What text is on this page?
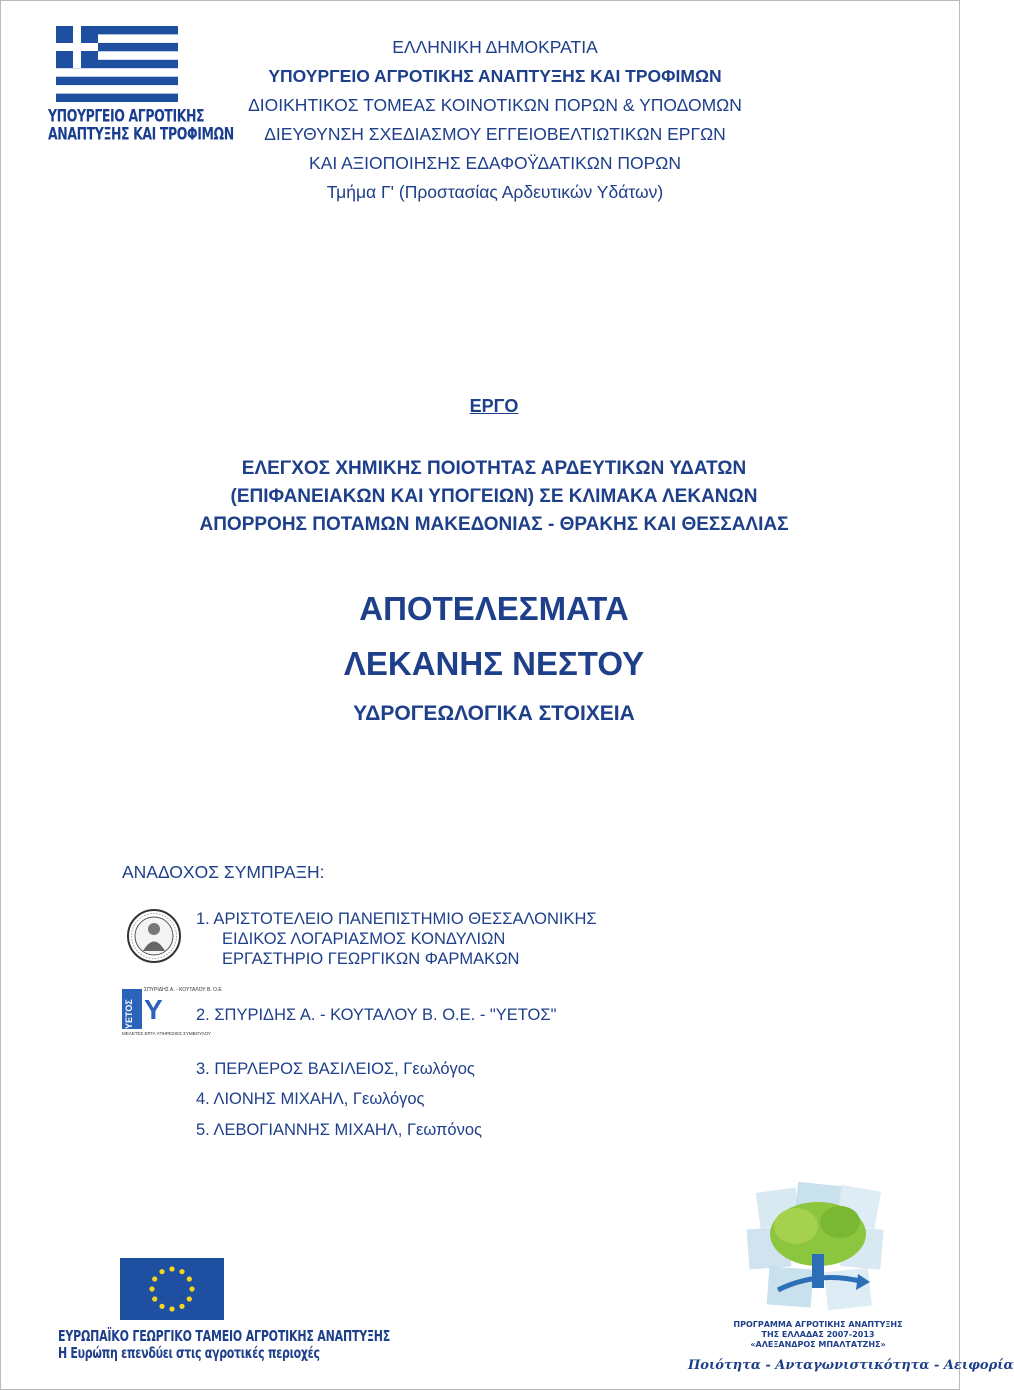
ΥΠΟΥΡΓΕΙΟ ΑΓΡΟΤΙΚΗΣ
ΑΝΑΠΤΥΞΗΣ ΚΑΙ ΤΡΟΦΙΜΩΝ
ΕΛΛΗΝΙΚΗ ΔΗΜΟΚΡΑΤΙΑ
ΥΠΟΥΡΓΕΙΟ ΑΓΡΟΤΙΚΗΣ ΑΝΑΠΤΥΞΗΣ ΚΑΙ ΤΡΟΦΙΜΩΝ
ΔΙΟΙΚΗΤΙΚΟΣ ΤΟΜΕΑΣ ΚΟΙΝΟΤΙΚΩΝ ΠΟΡΩΝ & ΥΠΟΔΟΜΩΝ
ΔΙΕΥΘΥΝΣΗ ΣΧΕΔΙΑΣΜΟΥ ΕΓΓΕΙΟΒΕΛΤΙΩΤΙΚΩΝ ΕΡΓΩΝ
ΚΑΙ ΑΞΙΟΠΟΙΗΣΗΣ ΕΔΑΦΟΫΔΑΤΙΚΩΝ ΠΟΡΩΝ
Τμήμα Γ' (Προστασίας Αρδευτικών Υδάτων)
ΕΡΓΟ
ΕΛΕΓΧΟΣ ΧΗΜΙΚΗΣ ΠΟΙΟΤΗΤΑΣ ΑΡΔΕΥΤΙΚΩΝ ΥΔΑΤΩΝ
(ΕΠΙΦΑΝΕΙΑΚΩΝ ΚΑΙ ΥΠΟΓΕΙΩΝ) ΣΕ ΚΛΙΜΑΚΑ ΛΕΚΑΝΩΝ
ΑΠΟΡΡΟΗΣ ΠΟΤΑΜΩΝ ΜΑΚΕΔΟΝΙΑΣ - ΘΡΑΚΗΣ ΚΑΙ ΘΕΣΣΑΛΙΑΣ
ΑΠΟΤΕΛΕΣΜΑΤΑ
ΛΕΚΑΝΗΣ ΝΕΣΤΟΥ
ΥΔΡΟΓΕΩΛΟΓΙΚΑ ΣΤΟΙΧΕΙΑ
ΑΝΑΔΟΧΟΣ ΣΥΜΠΡΑΞΗ:
1. ΑΡΙΣΤΟΤΕΛΕΙΟ ΠΑΝΕΠΙΣΤΗΜΙΟ ΘΕΣΣΑΛΟΝΙΚΗΣ
ΕΙΔΙΚΟΣ ΛΟΓΑΡΙΑΣΜΟΣ ΚΟΝΔΥΛΙΩΝ
ΕΡΓΑΣΤΗΡΙΟ ΓΕΩΡΓΙΚΩΝ ΦΑΡΜΑΚΩΝ
ΥΕΤΟΣ
ΣΠΥΡΙΔΗΣ Α. - ΚΟΥΤΑΛΟΥ Β. Ο.Ε
Y
ΜΕΛΕΤΕΣ ΕΡΓΑ ΥΠΗΡΕΣΙΕΣ ΣΥΜΒΟΥΛΟΥ
2. ΣΠΥΡΙΔΗΣ Α. - ΚΟΥΤΑΛΟΥ Β. Ο.Ε. - "ΥΕΤΟΣ"
3. ΠΕΡΛΕΡΟΣ ΒΑΣΙΛΕΙΟΣ, Γεωλόγος
4. ΛΙΟΝΗΣ ΜΙΧΑΗΛ, Γεωλόγος
5. ΛΕΒΟΓΙΑΝΝΗΣ ΜΙΧΑΗΛ, Γεωπόνος
ΕΥΡΩΠΑΪΚΟ ΓΕΩΡΓΙΚΟ ΤΑΜΕΙΟ ΑΓΡΟΤΙΚΗΣ ΑΝΑΠΤΥΞΗΣ
Η Ευρώπη επενδύει στις αγροτικές περιοχές
ΠΡΟΓΡΑΜΜΑ ΑΓΡΟΤΙΚΗΣ ΑΝΑΠΤΥΞΗΣ
ΤΗΣ ΕΛΛΑΔΑΣ 2007-2013
«ΑΛΕΞΑΝΔΡΟΣ ΜΠΑΛΤΑΤΖΗΣ»
Ποιότητα - Ανταγωνιστικότητα - Αειφορία
